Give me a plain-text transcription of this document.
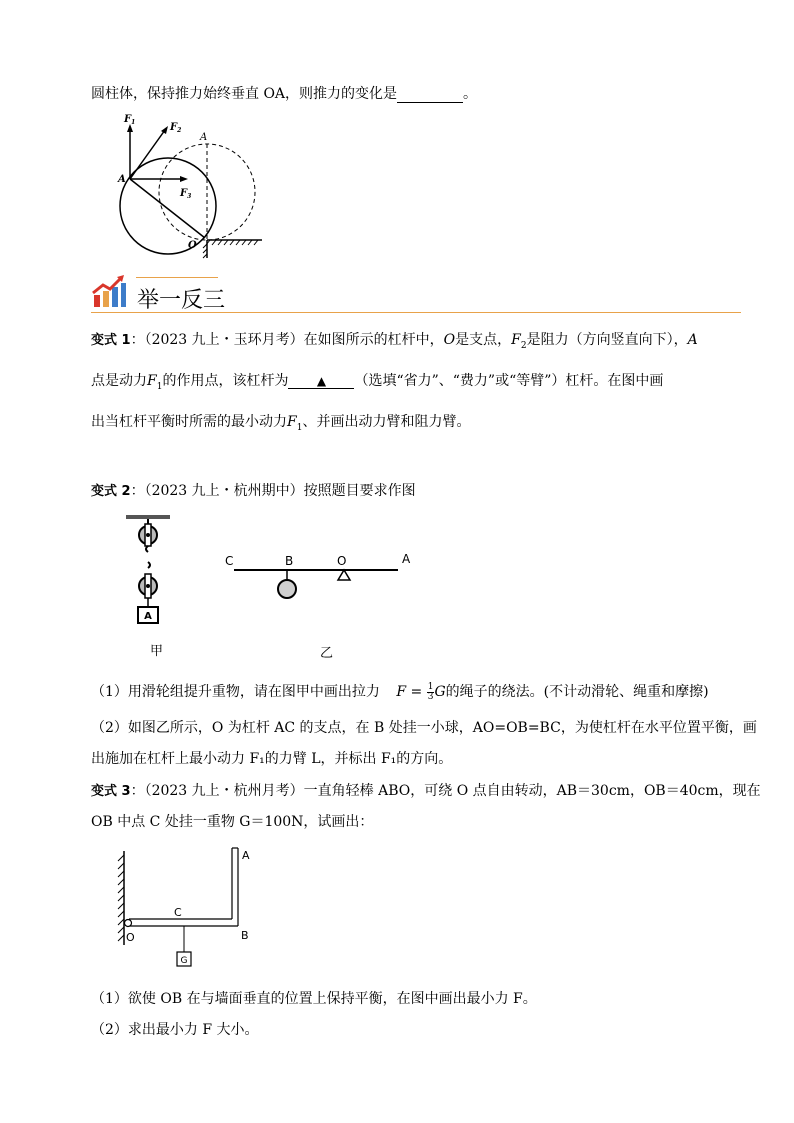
圆柱体，保持推力始终垂直 OA，则推力的变化是	。
$F_1$	$F_2$
$F_3$
A
A
O
举一反三
变式 1：（2023 九上・玉环月考）在如图所示的杠杆中，O是支点，$F_2$是阻力（方向竖直向下），A
点是动力$F_1$的作用点，该杠杆为 ▲ （选填“省力”、“费力”或“等臂”）杠杆。在图中画
出当杠杆平衡时所需的最小动力$F_1$、并画出动力臂和阻力臂。
变式 2：（2023 九上・杭州期中）按照题目要求作图
A
甲
C	B	O	A
乙
（1）用滑轮组提升重物，请在图甲中画出拉力 $F = \frac{1}{3}$ G的绳子的绕法。(不计动滑轮、绳重和摩擦)
（2）如图乙所示，O 为杠杆 AC 的支点，在 B 处挂一小球，AO=OB=BC，为使杠杆在水平位置平衡，画
出施加在杠杆上最小动力 F₁的力臂 L，并标出 F₁的方向。
变式 3：（2023 九上・杭州月考）一直角轻棒 ABO，可绕 O 点自由转动，AB＝30cm，OB＝40cm，现在
OB 中点 C 处挂一重物 G＝100N，试画出：
G
A
B
C
O
（1）欲使 OB 在与墙面垂直的位置上保持平衡，在图中画出最小力 F。
（2）求出最小力 F 大小。
